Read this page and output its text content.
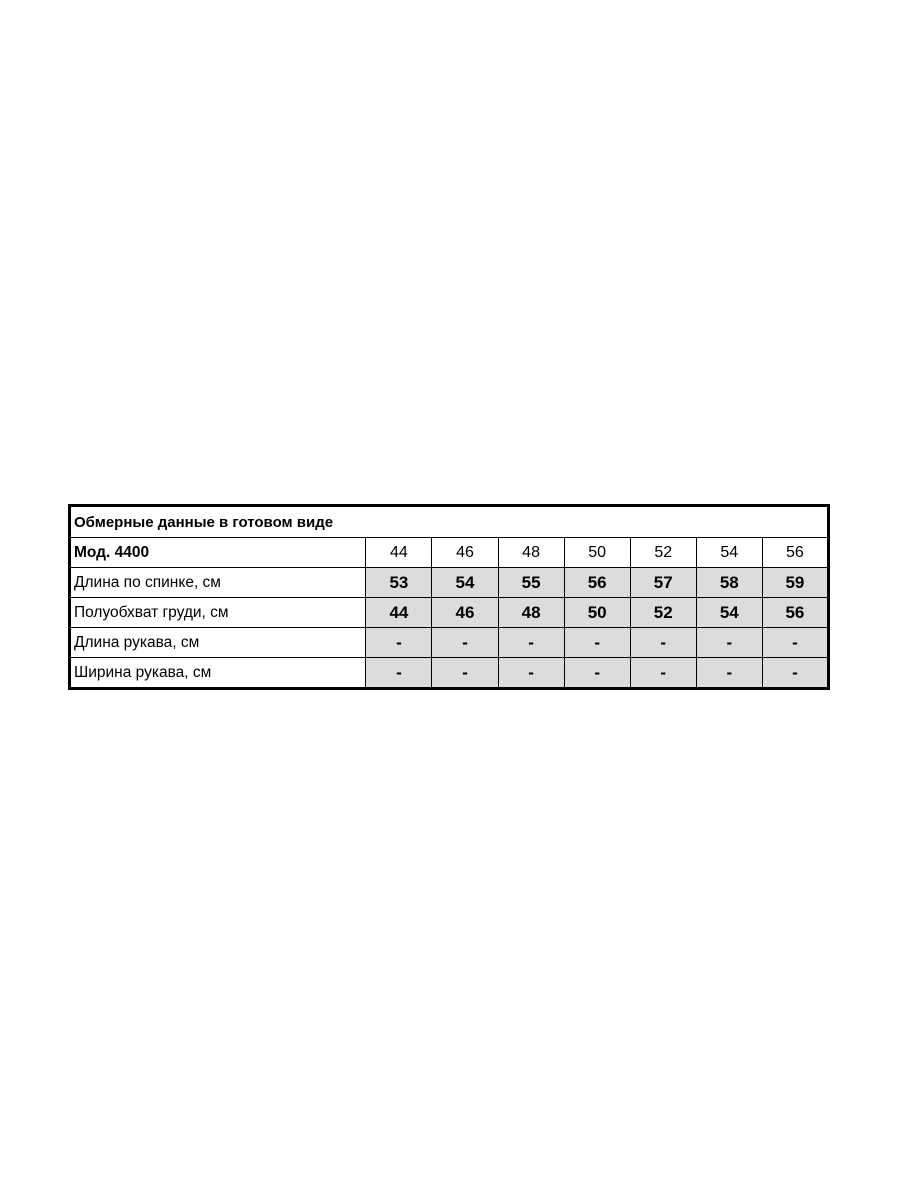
Обмерные данные в готовом виде							
Мод. 4400	44	46	48	50	52	54	56
Длина по спинке, см	53	54	55	56	57	58	59
Полуобхват груди, см	44	46	48	50	52	54	56
Длина рукава, см	-	-	-	-	-	-	-
Ширина рукава, см	-	-	-	-	-	-	-
